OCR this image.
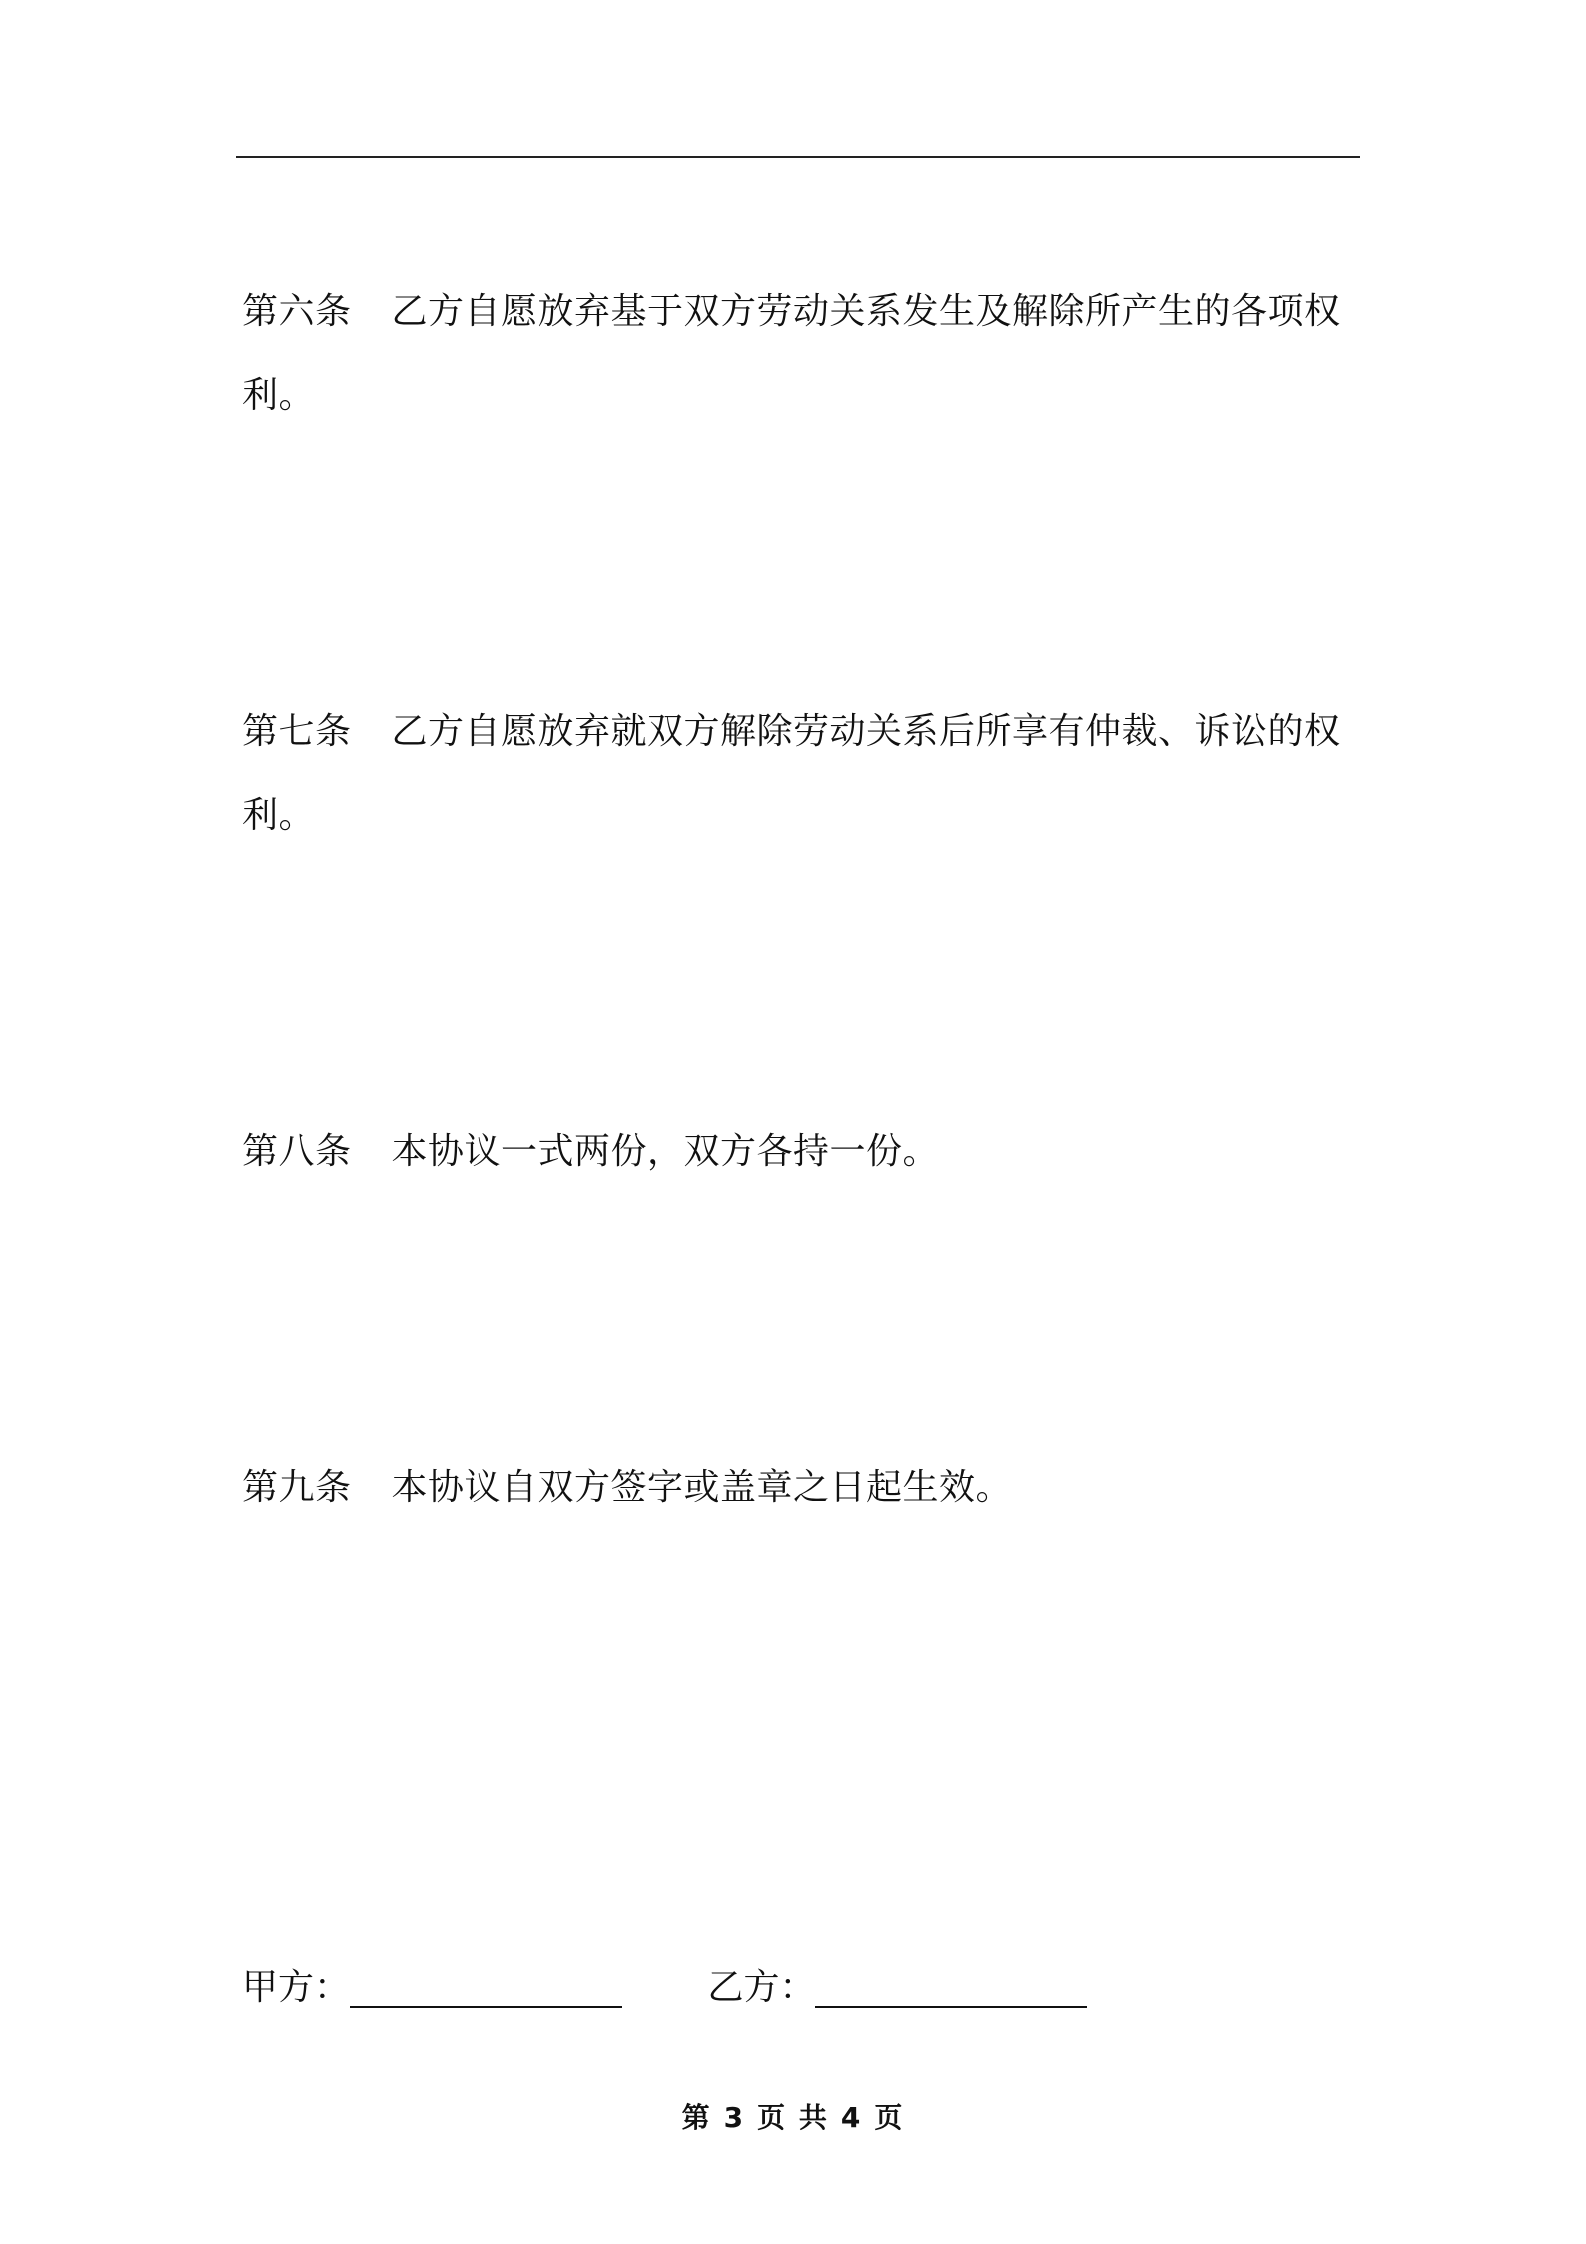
第六条 乙方自愿放弃基于双方劳动关系发生及解除所产生的各项权利。
第七条 乙方自愿放弃就双方解除劳动关系后所享有仲裁、诉讼的权利。
第八条 本协议一式两份，双方各持一份。
第九条 本协议自双方签字或盖章之日起生效。
甲方：	乙方：
第 3 页 共 4 页
